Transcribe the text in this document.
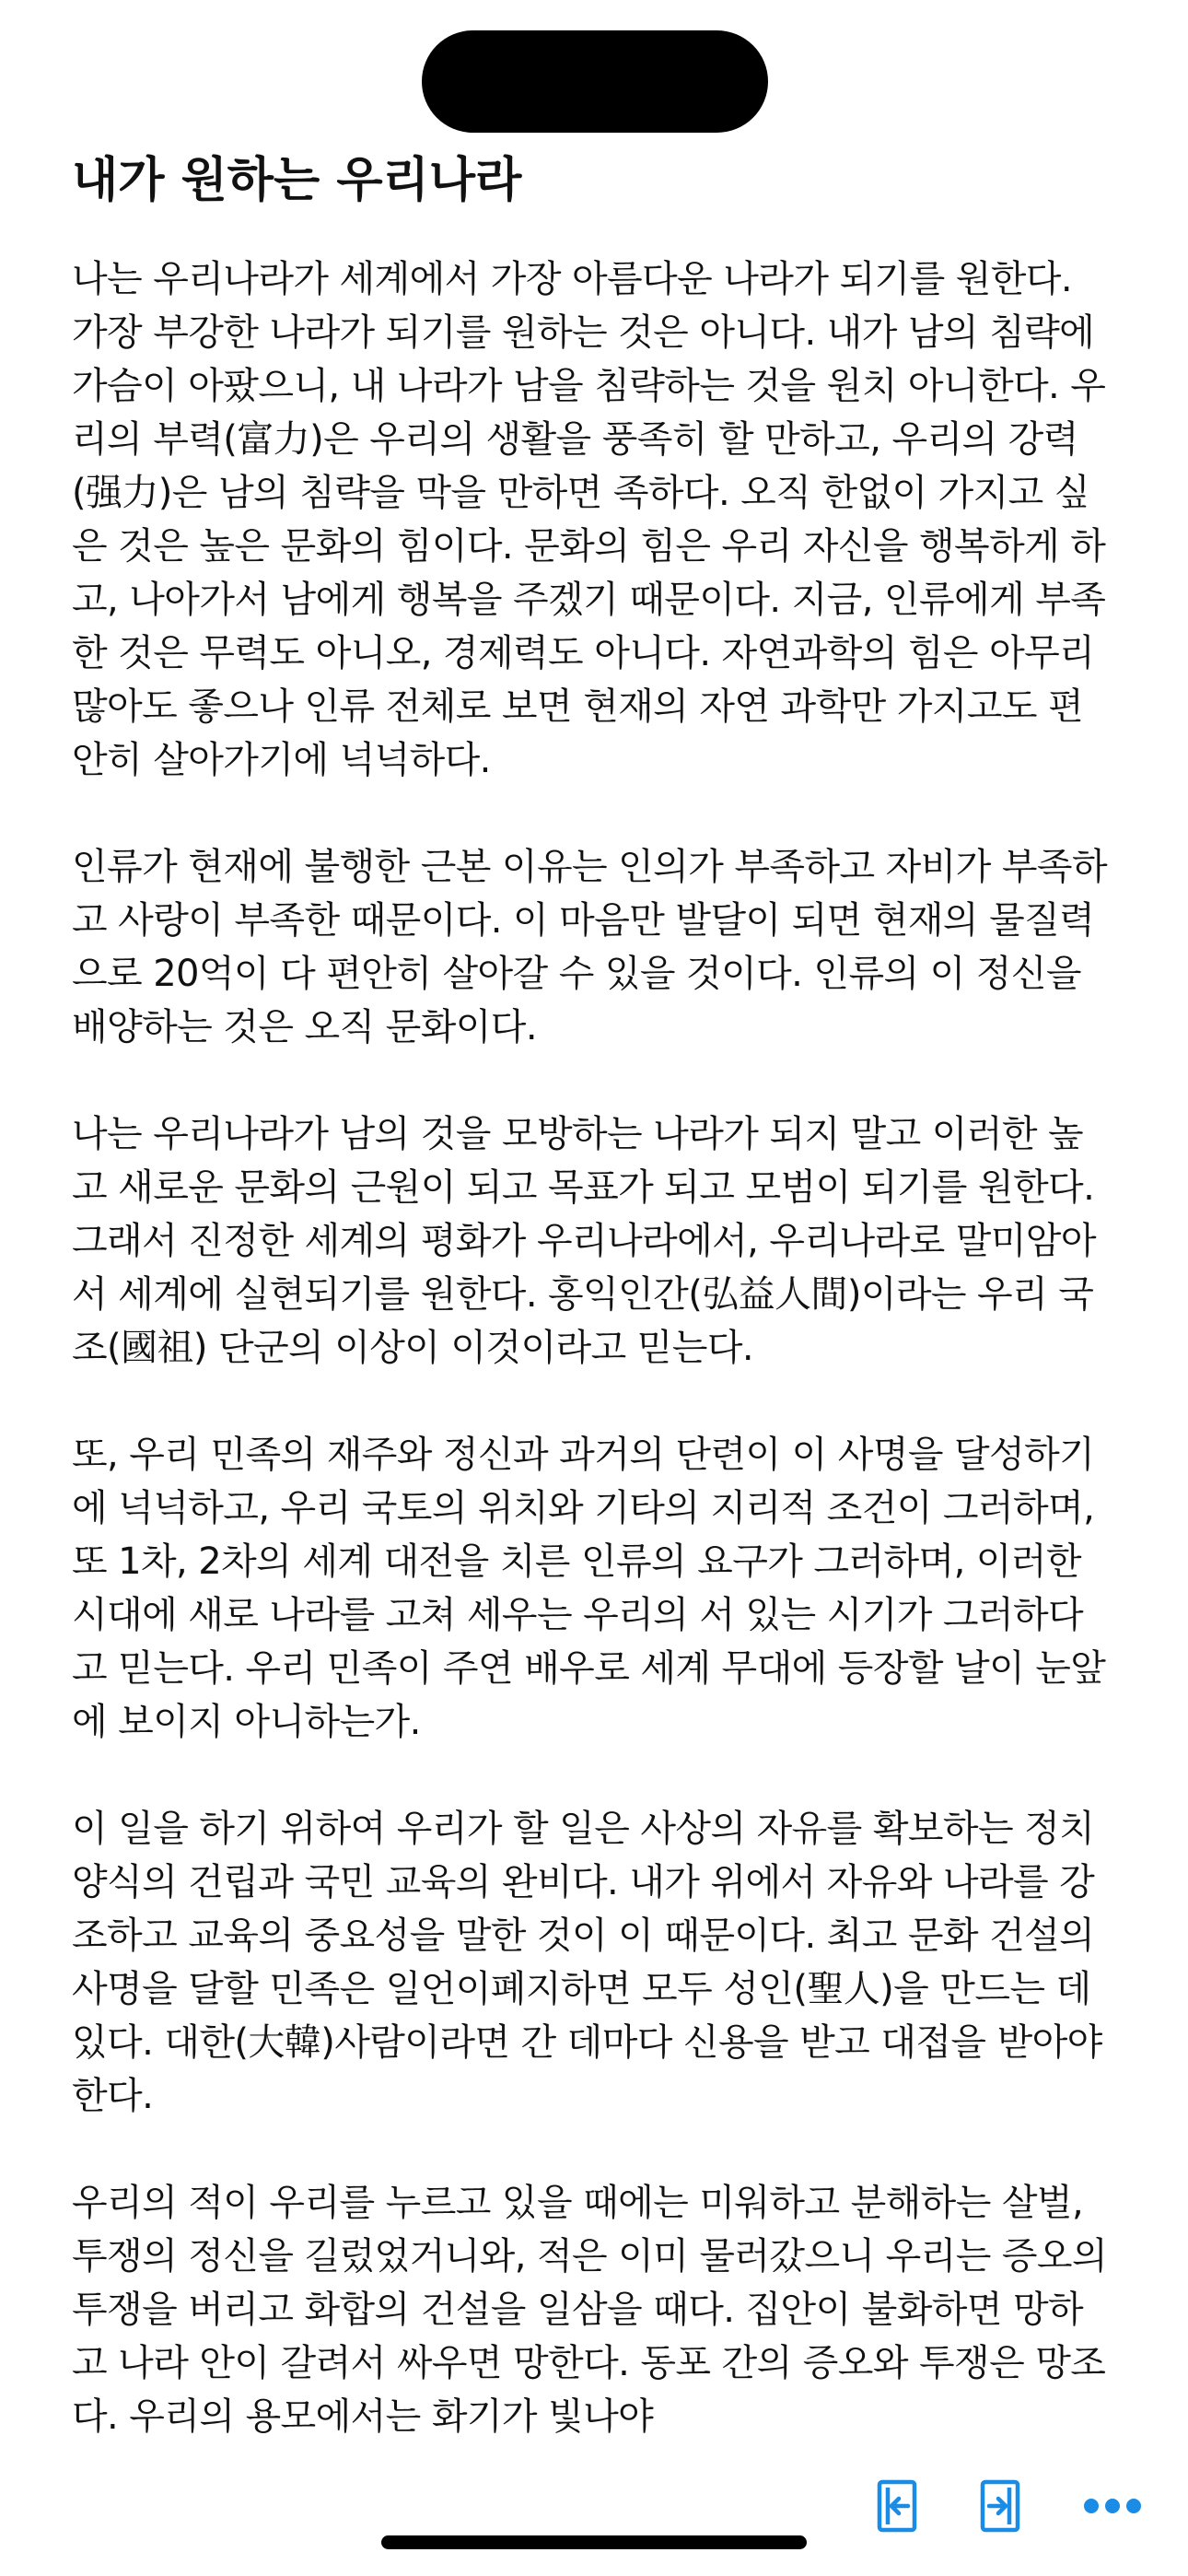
내가 원하는 우리나라

나는 우리나라가 세계에서 가장 아름다운 나라가 되기를 원한다. 가장 부강한 나라가 되기를 원하는 것은 아니다. 내가 남의 침략에 가슴이 아팠으니, 내 나라가 남을 침략하는 것을 원치 아니한다. 우리의 부력(富力)은 우리의 생활을 풍족히 할 만하고, 우리의 강력(强力)은 남의 침략을 막을 만하면 족하다. 오직 한없이 가지고 싶은 것은 높은 문화의 힘이다. 문화의 힘은 우리 자신을 행복하게 하고, 나아가서 남에게 행복을 주겠기 때문이다. 지금, 인류에게 부족한 것은 무력도 아니오, 경제력도 아니다. 자연과학의 힘은 아무리 많아도 좋으나 인류 전체로 보면 현재의 자연 과학만 가지고도 편안히 살아가기에 넉넉하다.

인류가 현재에 불행한 근본 이유는 인의가 부족하고 자비가 부족하고 사랑이 부족한 때문이다. 이 마음만 발달이 되면 현재의 물질력으로 20억이 다 편안히 살아갈 수 있을 것이다. 인류의 이 정신을 배양하는 것은 오직 문화이다.

나는 우리나라가 남의 것을 모방하는 나라가 되지 말고 이러한 높고 새로운 문화의 근원이 되고 목표가 되고 모범이 되기를 원한다. 그래서 진정한 세계의 평화가 우리나라에서, 우리나라로 말미암아서 세계에 실현되기를 원한다. 홍익인간(弘益人間)이라는 우리 국조(國祖) 단군의 이상이 이것이라고 믿는다.

또, 우리 민족의 재주와 정신과 과거의 단련이 이 사명을 달성하기에 넉넉하고, 우리 국토의 위치와 기타의 지리적 조건이 그러하며, 또 1차, 2차의 세계 대전을 치른 인류의 요구가 그러하며, 이러한 시대에 새로 나라를 고쳐 세우는 우리의 서 있는 시기가 그러하다고 믿는다. 우리 민족이 주연 배우로 세계 무대에 등장할 날이 눈앞에 보이지 아니하는가.

이 일을 하기 위하여 우리가 할 일은 사상의 자유를 확보하는 정치 양식의 건립과 국민 교육의 완비다. 내가 위에서 자유와 나라를 강조하고 교육의 중요성을 말한 것이 이 때문이다. 최고 문화 건설의 사명을 달할 민족은 일언이폐지하면 모두 성인(聖人)을 만드는 데 있다. 대한(大韓)사람이라면 간 데마다 신용을 받고 대접을 받아야 한다.

우리의 적이 우리를 누르고 있을 때에는 미워하고 분해하는 살벌, 투쟁의 정신을 길렀었거니와, 적은 이미 물러갔으니 우리는 증오의 투쟁을 버리고 화합의 건설을 일삼을 때다. 집안이 불화하면 망하고 나라 안이 갈려서 싸우면 망한다. 동포 간의 증오와 투쟁은 망조다. 우리의 용모에서는 화기가 빛나야
